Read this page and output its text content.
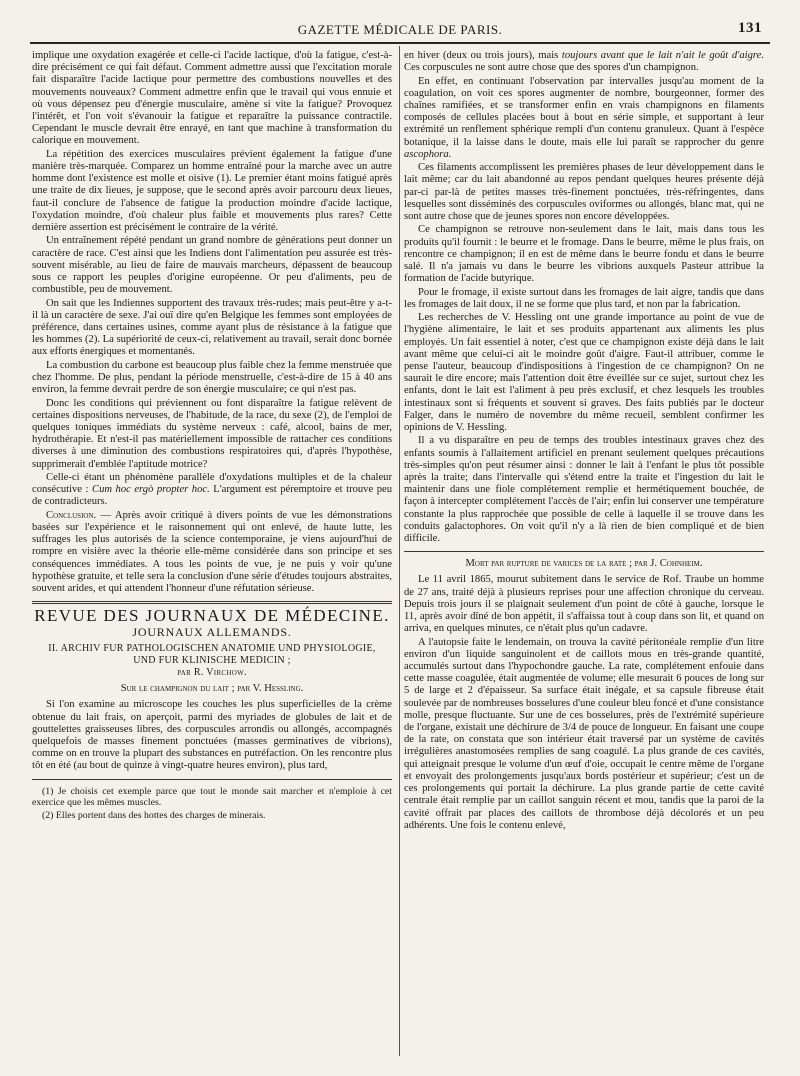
GAZETTE MÉDICALE DE PARIS.	131

implique une oxydation exagérée et celle-ci l'acide lactique, d'où la fatigue, c'est-à-dire précisément ce qui fait défaut. Comment admettre aussi que l'excitation morale fait disparaître l'acide lactique pour permettre des combustions nouvelles et des mouvements nouveaux? Comment admettre enfin que le travail qui vous ennuie et où vous dépensez peu d'énergie musculaire, amène si vite la fatigue? Provoquez l'intérêt, et l'on voit s'évanouir la fatigue et reparaître la puissance contractile. Cependant le muscle devrait être enrayé, en tant que machine à transformation du calorique en mouvement.

La répétition des exercices musculaires prévient également la fatigue d'une manière très-marquée. Comparez un homme entraîné pour la marche avec un autre homme dont l'existence est molle et oisive (1). Le premier étant moins fatigué après une traite de dix lieues, je suppose, que le second après avoir parcouru deux lieues, faut-il conclure de l'absence de fatigue la production moindre d'acide lactique, l'oxydation moindre, d'où chaleur plus faible et mouvements plus rares? Cette dernière assertion est précisément le contraire de la vérité.

Un entraînement répété pendant un grand nombre de générations peut donner un caractère de race. C'est ainsi que les Indiens dont l'alimentation peu assurée est très-souvent misérable, au lieu de faire de mauvais marcheurs, dépassent de beaucoup sous ce rapport les peuples d'origine européenne. Or peu d'aliments, peu de combustible, peu de mouvement.

On sait que les Indiennes supportent des travaux très-rudes; mais peut-être y a-t-il là un caractère de sexe. J'ai ouï dire qu'en Belgique les femmes sont employées de préférence, dans certaines usines, comme ayant plus de résistance à la fatigue que les hommes (2). La supériorité de ceux-ci, relativement au travail, serait donc bornée aux efforts énergiques et momentanés.

La combustion du carbone est beaucoup plus faible chez la femme menstruée que chez l'homme. De plus, pendant la période menstruelle, c'est-à-dire de 15 à 40 ans environ, la femme devrait perdre de son énergie musculaire; ce qui n'est pas.

Donc les conditions qui préviennent ou font disparaître la fatigue relèvent de certaines dispositions nerveuses, de l'habitude, de la race, du sexe (2), de l'emploi de quelques toniques immédiats du système nerveux : café, alcool, bains de mer, hydrothérapie. Et n'est-il pas matériellement impossible de rattacher ces conditions diverses à une diminution des combustions respiratoires qui, d'après l'hypothèse, supprimerait d'emblée l'aptitude motrice?

Celle-ci étant un phénomène parallèle d'oxydations multiples et de la chaleur consécutive : Cum hoc ergò propter hoc. L'argument est péremptoire et trouve peu de contradicteurs.

Conclusion. — Après avoir critiqué à divers points de vue les démonstrations basées sur l'expérience et le raisonnement qui ont enlevé, de haute lutte, les suffrages les plus autorisés de la science contemporaine, je viens aujourd'hui de rompre en visière avec la théorie elle-même considérée dans son principe et ses conséquences immédiates. A tous les points de vue, je ne puis y voir qu'une hypothèse gratuite, et telle sera la conclusion d'une série d'études toujours abstraites, souvent arides, et qui attendent l'honneur d'une réfutation sérieuse.

REVUE DES JOURNAUX DE MÉDECINE.
JOURNAUX ALLEMANDS.

II. ARCHIV FUR PATHOLOGISCHEN ANATOMIE UND PHYSIOLOGIE,
UND FUR KLINISCHE MEDICIN ;
par R. Virchow.

Sur le champignon du lait ; par V. Hessling.

Si l'on examine au microscope les couches les plus superficielles de la crème obtenue du lait frais, on aperçoit, parmi des myriades de globules de lait et de gouttelettes graisseuses libres, des corpuscules arrondis ou allongés, accompagnés quelquefois de masses finement ponctuées (masses germinatives de vibrions), comme on en trouve la plupart des substances en putréfaction. On les rencontre plus tôt en été (au bout de quinze à vingt-quatre heures environ), plus tard,

(1) Je choisis cet exemple parce que tout le monde sait marcher et n'emploie à cet exercice que les mêmes muscles.

(2) Elles portent dans des hottes des charges de minerais.

en hiver (deux ou trois jours), mais toujours avant que le lait n'ait le goût d'aigre. Ces corpuscules ne sont autre chose que des spores d'un champignon.

En effet, en continuant l'observation par intervalles jusqu'au moment de la coagulation, on voit ces spores augmenter de nombre, bourgeonner, former des chaînes ramifiées, et se transformer enfin en vrais champignons en filaments composés de cellules placées bout à bout en série simple, et supportant à leur extrémité un renflement sphérique rempli d'un contenu granuleux. Quant à l'espèce botanique, il la laisse dans le doute, mais elle lui paraît se rapprocher du genre ascophora.

Ces filaments accomplissent les premières phases de leur développement dans le lait même; car du lait abandonné au repos pendant quelques heures présente déjà par-ci par-là de petites masses très-finement ponctuées, très-réfringentes, dans lesquelles sont disséminés des corpuscules oviformes ou allongés, blanc mat, qui ne sont autre chose que de jeunes spores non encore développées.

Ce champignon se retrouve non-seulement dans le lait, mais dans tous les produits qu'il fournit : le beurre et le fromage. Dans le beurre, même le plus frais, on rencontre ce champignon; il en est de même dans le beurre fondu et dans le beurre salé. Il n'a jamais vu dans le beurre les vibrions auxquels Pasteur attribue la formation de l'acide butyrique.

Pour le fromage, il existe surtout dans les fromages de lait aigre, tandis que dans les fromages de lait doux, il ne se forme que plus tard, et non par la fabrication.

Les recherches de V. Hessling ont une grande importance au point de vue de l'hygiène alimentaire, le lait et ses produits appartenant aux aliments les plus employés. Un fait essentiel à noter, c'est que ce champignon existe déjà dans le lait avant même que celui-ci ait le moindre goût d'aigre. Faut-il attribuer, comme le pense l'auteur, beaucoup d'indispositions à l'ingestion de ce champignon? On ne saurait le dire encore; mais l'attention doit être éveillée sur ce sujet, surtout chez les enfants, dont le lait est l'aliment à peu près exclusif, et chez lesquels les troubles intestinaux sont si fréquents et souvent si graves. Des faits publiés par le docteur Falger, dans le numéro de novembre du même recueil, semblent confirmer les opinions de V. Hessling.

Il a vu disparaître en peu de temps des troubles intestinaux graves chez des enfants soumis à l'allaitement artificiel en prenant seulement quelques précautions très-simples qu'on peut résumer ainsi : donner le lait à l'enfant le plus tôt possible après la traite; dans l'intervalle qui s'étend entre la traite et l'ingestion du lait le maintenir dans une fiole complétement remplie et hermétiquement bouchée, de façon à intercepter complétement l'accès de l'air; enfin lui conserver une température constante la plus rapprochée que possible de celle à laquelle il se trouve dans les conduits galactophores. On voit qu'il n'y a là rien de bien compliqué et de bien difficile.

Mort par rupture de varices de la rate ; par J. Cohnheim.

Le 11 avril 1865, mourut subitement dans le service de Rof. Traube un homme de 27 ans, traité déjà à plusieurs reprises pour une affection chronique du cerveau. Depuis trois jours il se plaignait seulement d'un point de côté à gauche, lorsque le 11, après avoir dîné de bon appétit, il s'affaissa tout à coup dans son lit, et quand on arriva, en quelques minutes, ce n'était plus qu'un cadavre.

A l'autopsie faite le lendemain, on trouva la cavité péritonéale remplie d'un litre environ d'un liquide sanguinolent et de caillots mous en très-grande quantité, accumulés surtout dans l'hypochondre gauche. La rate, complétement enfouie dans cette masse coagulée, était augmentée de volume; elle mesurait 6 pouces de long sur 5 de large et 2 d'épaisseur. Sa surface était inégale, et sa capsule fibreuse était soulevée par de nombreuses bosselures d'une couleur bleu foncé et d'une consistance molle, presque fluctuante. Sur une de ces bosselures, près de l'extrémité supérieure de l'organe, existait une déchirure de 3/4 de pouce de longueur. En faisant une coupe de la rate, on constata que son intérieur était traversé par un système de cavités irrégulières anastomosées remplies de sang coagulé. La plus grande de ces cavités, qui atteignait presque le volume d'un œuf d'oie, occupait le centre même de l'organe et envoyait des prolongements jusqu'aux bords postérieur et supérieur; c'est un de ces prolongements qui portait la déchirure. La plus grande partie de cette cavité centrale était remplie par un caillot sanguin récent et mou, tandis que la paroi de la cavité offrait par places des caillots de thrombose déjà décolorés et un peu adhérents. Une fois le contenu enlevé,
